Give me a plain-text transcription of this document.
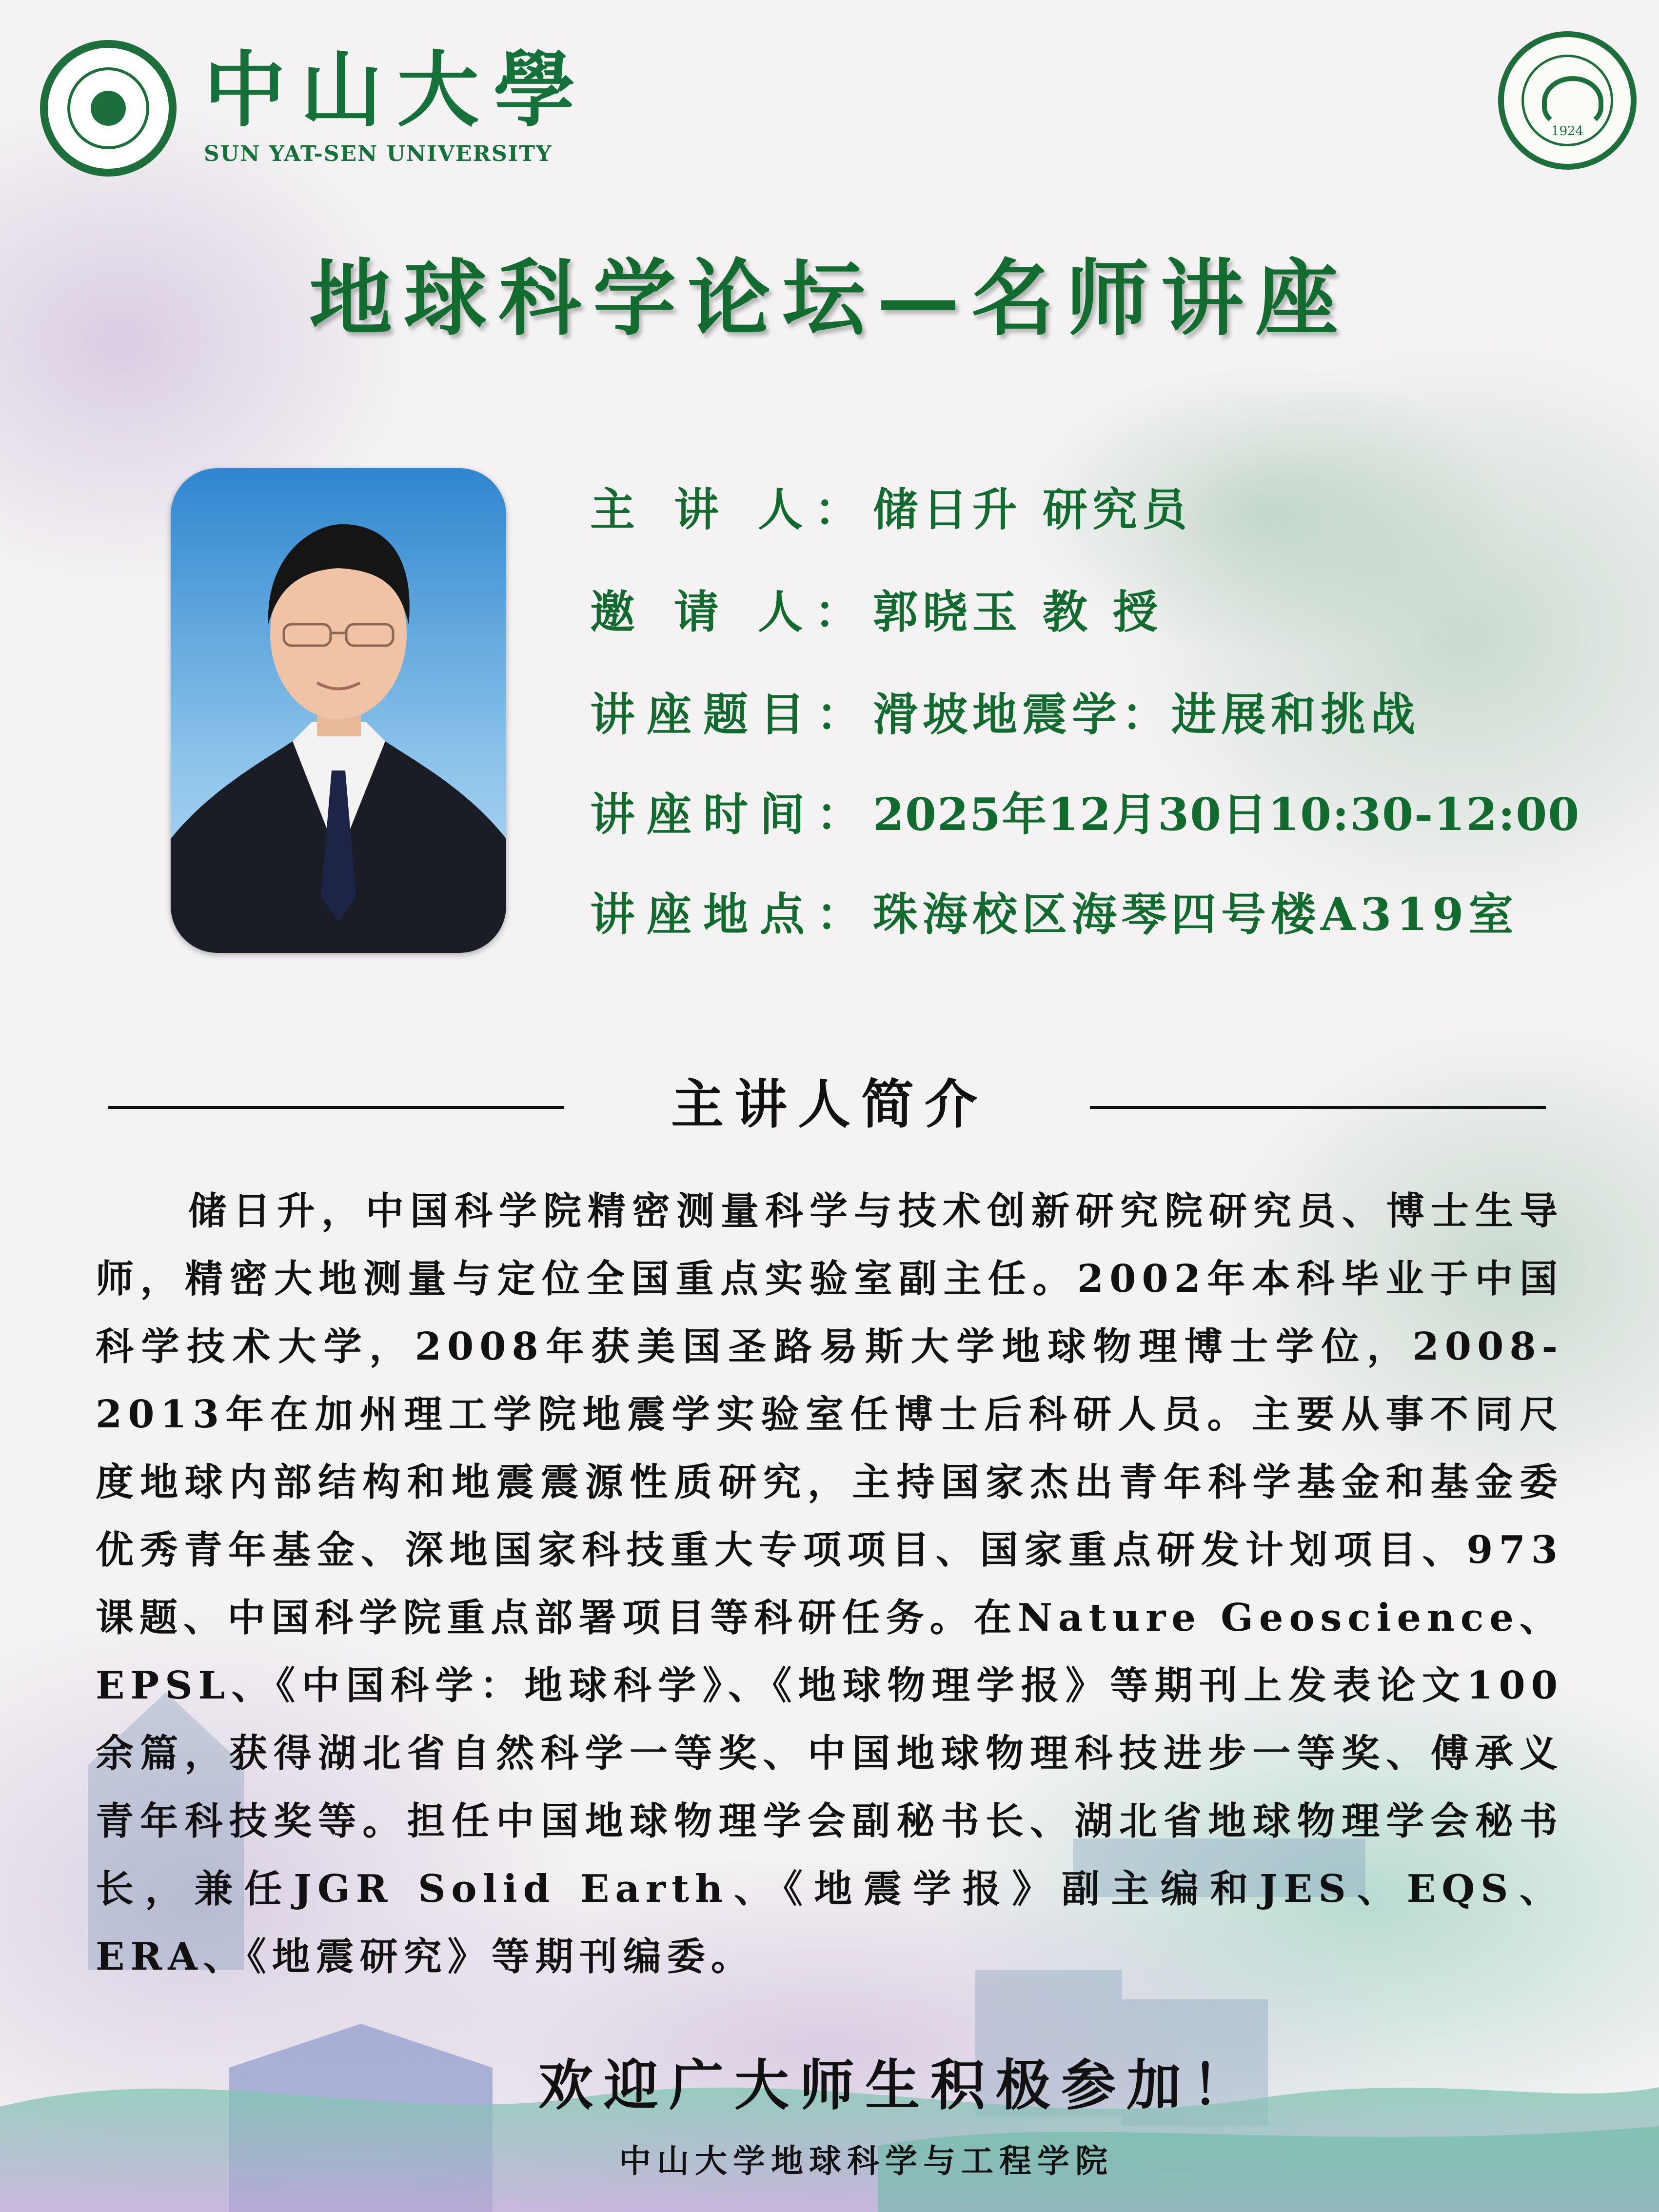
中山大學
SUN YAT-SEN UNIVERSITY
1924
地球科学论坛—名师讲座
主 讲 人：储日升 研究员
邀 请 人：郭晓玉 教 授
讲座题目：滑坡地震学：进展和挑战
讲座时间：2025年12月30日10:30-12:00
讲座地点：珠海校区海琴四号楼A319室
主讲人简介
储日升，中国科学院精密测量科学与技术创新研究院研究员、博士生导师，精密大地测量与定位全国重点实验室副主任。2002年本科毕业于中国科学技术大学，2008年获美国圣路易斯大学地球物理博士学位，2008-2013年在加州理工学院地震学实验室任博士后科研人员。主要从事不同尺度地球内部结构和地震震源性质研究，主持国家杰出青年科学基金和基金委优秀青年基金、深地国家科技重大专项项目、国家重点研发计划项目、973课题、中国科学院重点部署项目等科研任务。在Nature Geoscience、EPSL、《中国科学：地球科学》、《地球物理学报》等期刊上发表论文100余篇，获得湖北省自然科学一等奖、中国地球物理科技进步一等奖、傅承义青年科技奖等。担任中国地球物理学会副秘书长、湖北省地球物理学会秘书长，兼任JGR Solid Earth、《地震学报》副主编和JES、EQS、ERA、《地震研究》等期刊编委。
欢迎广大师生积极参加！
中山大学地球科学与工程学院
